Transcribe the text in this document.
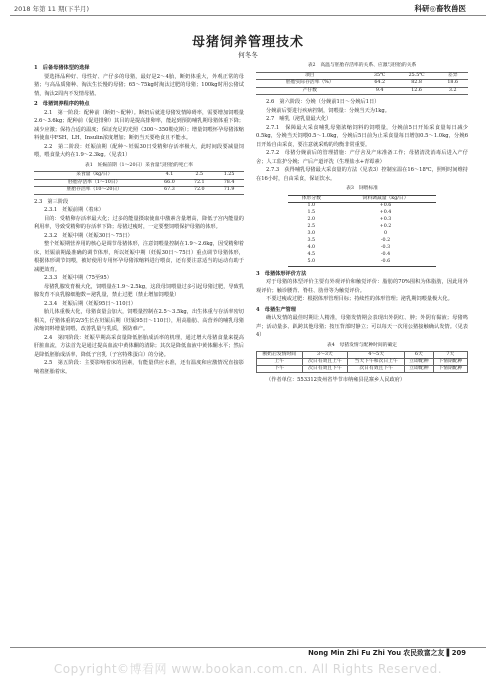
2018 年第 11 期(下半月)	科研◎畜牧兽医
母猪饲养管理技术
何冬冬

1　后备母猪体型的选择

要选择品种好、母性好、产仔多的母猪，最好是2～4胎，断奶体重大，外观正常的母猪；与高品质猪种、淘汰生长慢的母猪；65～75kg时淘汰过肥的母猪；100kg时用公猪试情，淘汰2周内不发情母猪。

2　母猪饲养程序的特点

2.1　第一阶段：配种前（断奶～配种）。断奶后就进母猪发情障碍率，需要增加饲喂量2.6～3.6kg；配种前（促进排卵）其目的是提高排卵率，能起到预防哺乳期母猪体重下降；减少应激；保持合适的温度；保证充足的光照（300～350勒克斯）；增量饲喂怀孕母猪浓缩料使血中FSH、LH、Insulin浓度增加；断奶当天要绝食且不能水。

2.2　第二阶段：妊娠前期（配种～妊娠30日受精卵存活率极大，此时间段要减量饲喂，喂食量大约在1.9～2.3kg。（见表1）

表1　妊娠前期（1～20日）采食量与胚胎的死亡率
采食量（kg/日）	4.1	2.5	1.25
胚胎存活率（1～10日）	66.0	72.1	78.4
胚胎存活率（10～20日）	67.3	72.0	71.9

2.3　第三阶段

2.3.1　妊娠前期（着床）

目的：受精卵存活率最大化；过多的能量摄取使血中激素含量增高，降低子宫内能量的利用率，导致受精卵的存活率下降；母猪过瘦时，一定要整饲喂保护母猪的体形。

2.3.2　妊娠中期（妊娠30日～75日）

整个妊娠期营养用的核心是调节母猪体形，注意饲喂量控制在1.9～2.6kg，因受精卵着床，妊娠前期最准确的调节体形，所以妊娠中期（妊娠30日～75日）重点调节母猪体形，根据体形调节饲喂，被好使用专用怀孕母猪浓缩料进行喂食，还有要注意适当的运动有助于减肥效育。

2.3.3　妊娠中期（75至95）

母猪乳腺发育极大化，饲喂量在1.9～2.5kg，这段母饲喂量过多引起母猪过肥，导致乳腺发育不良乳腺细胞数＝泌乳量，禁止过肥（禁止增加饲喂量）

2.3.4　妊娠后期（妊娠95日～110日）

胎儿体重极大化，母猪食量会加大，饲喂量控制在2.5～3.5kg，出生体重与存活率密切相关，仔猪体重的2/3生长在妊娠后期（妊娠95日～110日），用高脂肪、高营养的哺乳母猪浓缩饲料增量饲喂，改善乳量与乳质，预防难产。

2.4　第四阶段：妊娠早期高采食量降低胚胎成活率的机理，通过增大母猪食量来提高肝脏血流，方法首先是通过提高血流中黄体酮的清除；其次是降低血液中黄体酮水平；然后是降低胚胎成活率，降低子宫乳（子宫特殊蛋白）的分泌。

2.5　第五阶段：主要影响着床的因素，有能量供应水准，还有温度和应激情况直接影响着胚胎着床。

表2　高温与胚胎存活率的关系、应激与胚胎的关系
项目	35℃	25.5℃	差异
胚胎实际存活率（%）	64.2	82.8	18.6
产仔数	9.4	12.6	3.2

2.6　第六阶段：分娩（分娩前1日～分娩后1日）

分娩前后要进行疾病控制，饲喂量：分娩当天为1kg。

2.7　哺乳（泌乳量最大化）

2.7.1　保障最大采食哺乳母猪浓缩饲料的饲喂量，分娩前5日开始采食量每日减少0.5kg，分娩当天饲喂0.5～1.0kg，分娩后5日前为止采食量每日增加0.5～1.0kg，分娩6日开始自由采食，要注意就采购的均衡非常重要。

2.7.2　母猪分娩前后的管理措施：产仔舍及产床准备工作；母猪清洗消毒后进入产仔舍；人工监护分娩；产后产道评洗（生理盐水+青霉素）

2.7.3　获得哺乳母猪最大采食量的方法（见表3）控制室温在16～18℃，照明时间维持在16小时，自由采食，保证饮水。

表3　饲喂标准
体形分数	饲料调减量（kg/日）
1.0	+0.6
1.5	+0.4
2.0	+0.3
2.5	+0.2
3.0	0
3.5	-0.2
4.0	-0.3
4.5	-0.4
5.0	-0.6

3　母猪体形评价方法

对于母猪的体型评价主要有外观评价和触觉评价：脂肪的70%囤积为体脂肪，因此用外观评价；触诊腰背、脊柱、肋骨等为触觉评价。

不要过瘦或过肥：根据体形管理目标；持续性的体形管理；泌乳期饲喂量极大化。

4　母猪生产管理

确认发情的最佳时期让人精准，母猪发情期会表现出外阴红、肿；外阴有黏液；母猪鸣声；活动量多、趴跨其他母猪；按压背部时静立；可以每天一次用公猪接触确认发情。（见表4）

表4　母猪发情与配种时间的确定
断奶后发情时间	3～3天	4～5天	6天	7天
上午	次日有效且上午	当天下午和次日上午	立即配种	下情期配种
下午	次日有效且下午	次日有效且下午	立即配种	下情期配种

（作者单位：553312贵州省毕节市纳雍县昆寨乡人民政府）

Nong Min Zhi Fu Zhi You 农民致富之友 ▌209
Copyright©博看网 www.bookan.com.cn. All Rights Reserved.
